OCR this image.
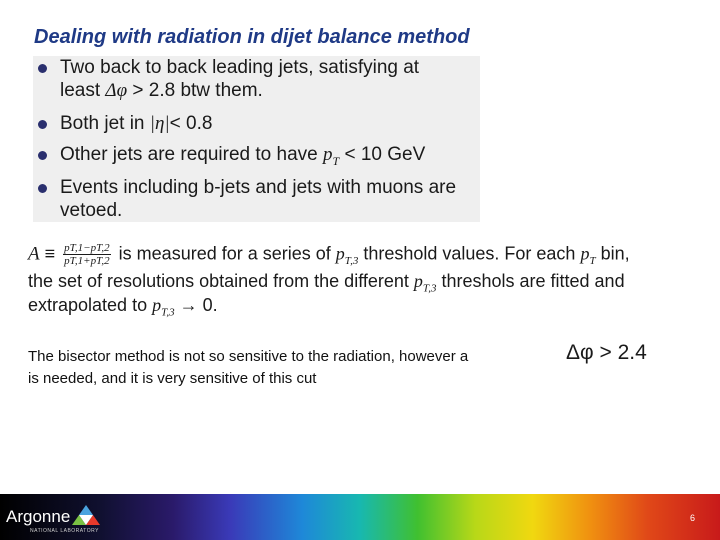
Dealing with radiation in dijet balance method
Two back to back leading jets, satisfying at
least Δφ > 2.8 btw them.
Both jet in |η|< 0.8
Other jets are required to have $p_T < 10$ GeV
Events including b-jets and jets with muons are
vetoed.
$A \equiv \frac{pT,1-pT,2}{pT,1+pT,2}$ is measured for a series of $p_{T,3}$ threshold values. For each $p_T$ bin,
the set of resolutions obtained from the different $p_{T,3}$ threshols are fitted and
extrapolated to $p_{T,3} \to 0$.
The bisector method is not so sensitive to the radiation, however a
is needed, and it is very sensitive of this cut
Δφ > 2.4
Argonne
NATIONAL LABORATORY
6
